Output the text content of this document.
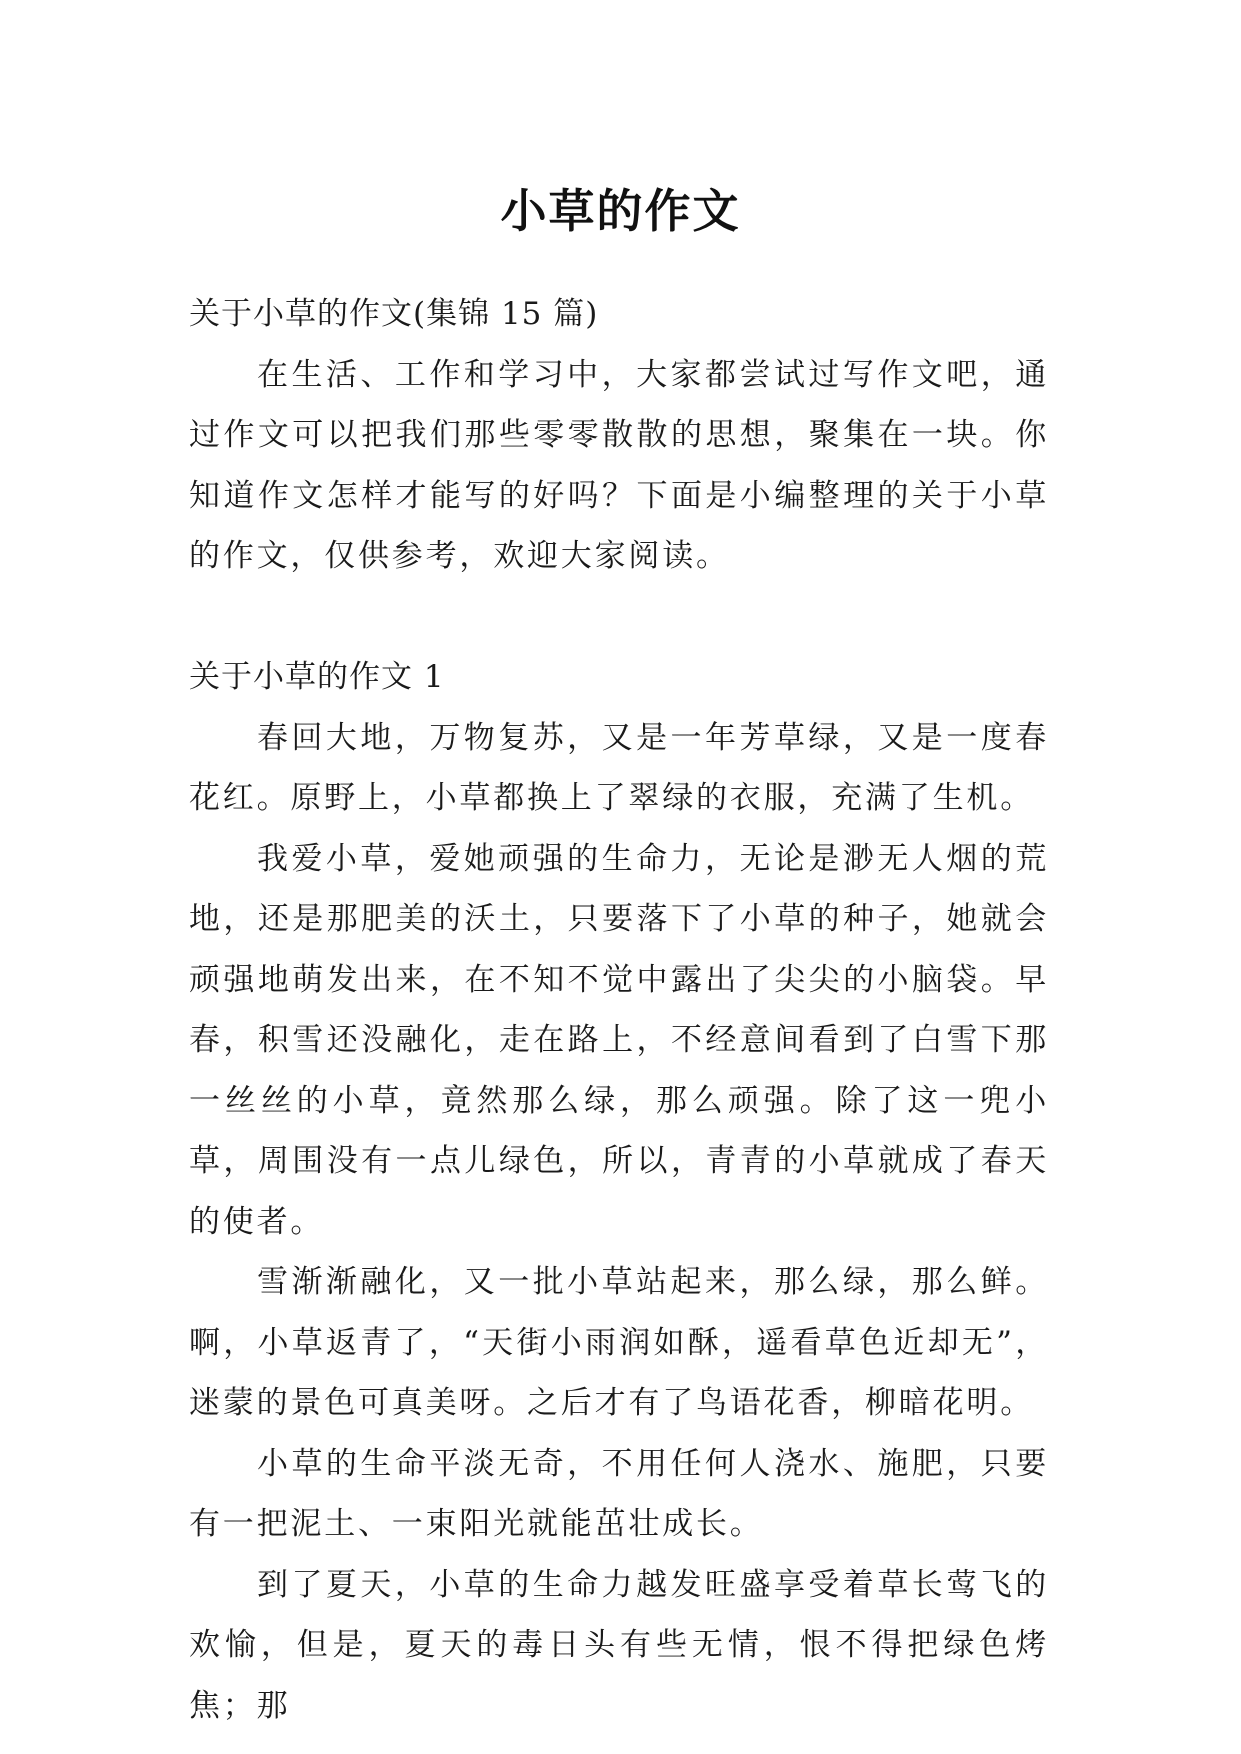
小草的作文

关于小草的作文(集锦 15 篇)

在生活、工作和学习中，大家都尝试过写作文吧，通过作文可以把我们那些零零散散的思想，聚集在一块。你知道作文怎样才能写的好吗？下面是小编整理的关于小草的作文，仅供参考，欢迎大家阅读。

关于小草的作文 1

春回大地，万物复苏，又是一年芳草绿，又是一度春花红。原野上，小草都换上了翠绿的衣服，充满了生机。

我爱小草，爱她顽强的生命力，无论是渺无人烟的荒地，还是那肥美的沃土，只要落下了小草的种子，她就会顽强地萌发出来，在不知不觉中露出了尖尖的小脑袋。早春，积雪还没融化，走在路上，不经意间看到了白雪下那一丝丝的小草，竟然那么绿，那么顽强。除了这一兜小草，周围没有一点儿绿色，所以，青青的小草就成了春天的使者。

雪渐渐融化，又一批小草站起来，那么绿，那么鲜。啊，小草返青了，“天街小雨润如酥，遥看草色近却无”，迷蒙的景色可真美呀。之后才有了鸟语花香，柳暗花明。

小草的生命平淡无奇，不用任何人浇水、施肥，只要有一把泥土、一束阳光就能茁壮成长。

到了夏天，小草的生命力越发旺盛享受着草长莺飞的欢愉，但是，夏天的毒日头有些无情，恨不得把绿色烤焦；那
